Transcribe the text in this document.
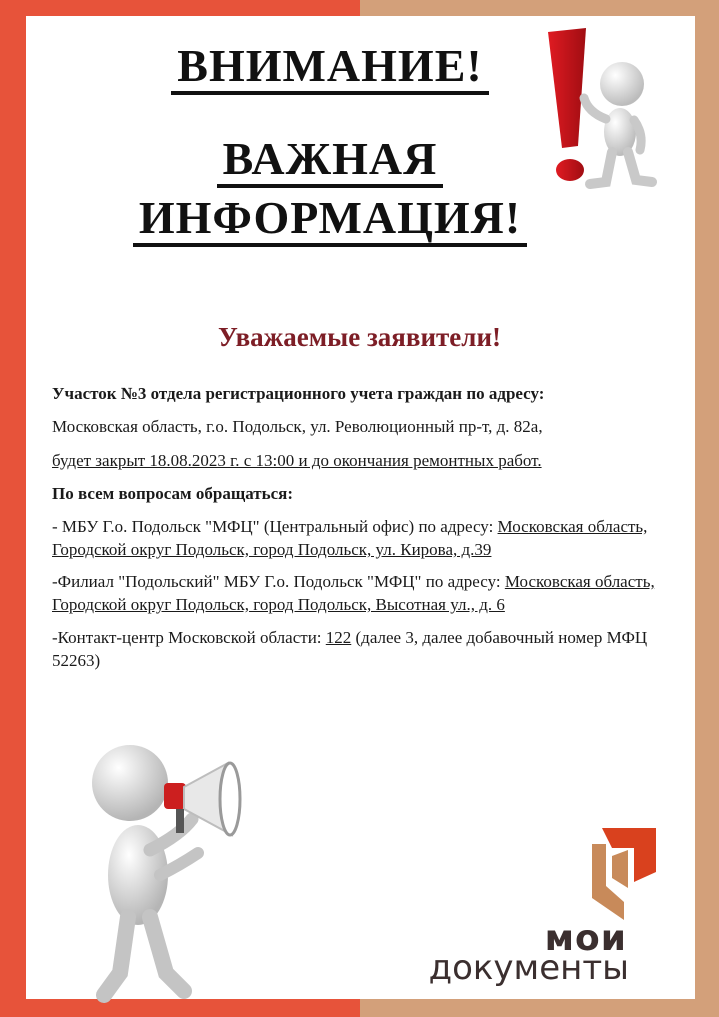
ВНИМАНИЕ!
ВАЖНАЯ
ИНФОРМАЦИЯ!
Уважаемые заявители!
Участок №3 отдела регистрационного учета граждан по адресу:
Московская область, г.о. Подольск, ул. Революционный пр-т, д. 82а,
будет закрыт 18.08.2023 г. с 13:00 и до окончания ремонтных работ.
По всем вопросам обращаться:
- МБУ Г.о. Подольск "МФЦ" (Центральный офис) по адресу: Московская область, Городской округ Подольск, город Подольск, ул. Кирова, д.39
-Филиал "Подольский" МБУ Г.о. Подольск "МФЦ" по адресу: Московская область, Городской округ Подольск, город Подольск, Высотная ул., д. 6
-Контакт-центр Московской области: 122 (далее 3, далее добавочный номер МФЦ 52263)
мои
документы
